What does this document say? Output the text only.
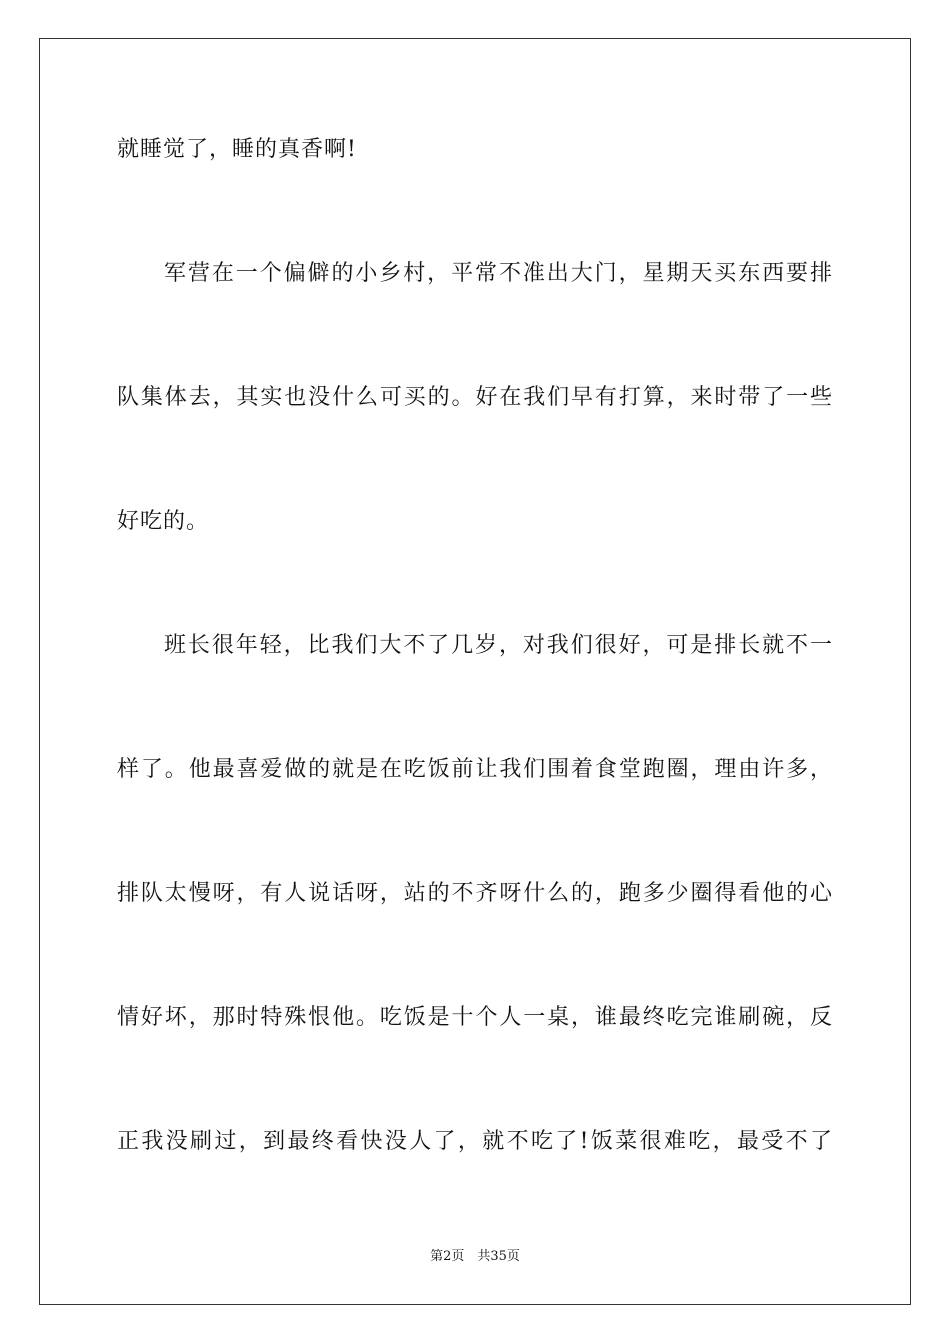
就睡觉了，睡的真香啊!
军营在一个偏僻的小乡村，平常不准出大门，星期天买东西要排
队集体去，其实也没什么可买的。好在我们早有打算，来时带了一些
好吃的。
班长很年轻，比我们大不了几岁，对我们很好，可是排长就不一
样了。他最喜爱做的就是在吃饭前让我们围着食堂跑圈，理由许多，
排队太慢呀，有人说话呀，站的不齐呀什么的，跑多少圈得看他的心
情好坏，那时特殊恨他。吃饭是十个人一桌，谁最终吃完谁刷碗，反
正我没刷过，到最终看快没人了，就不吃了!饭菜很难吃，最受不了
第2页　共35页
